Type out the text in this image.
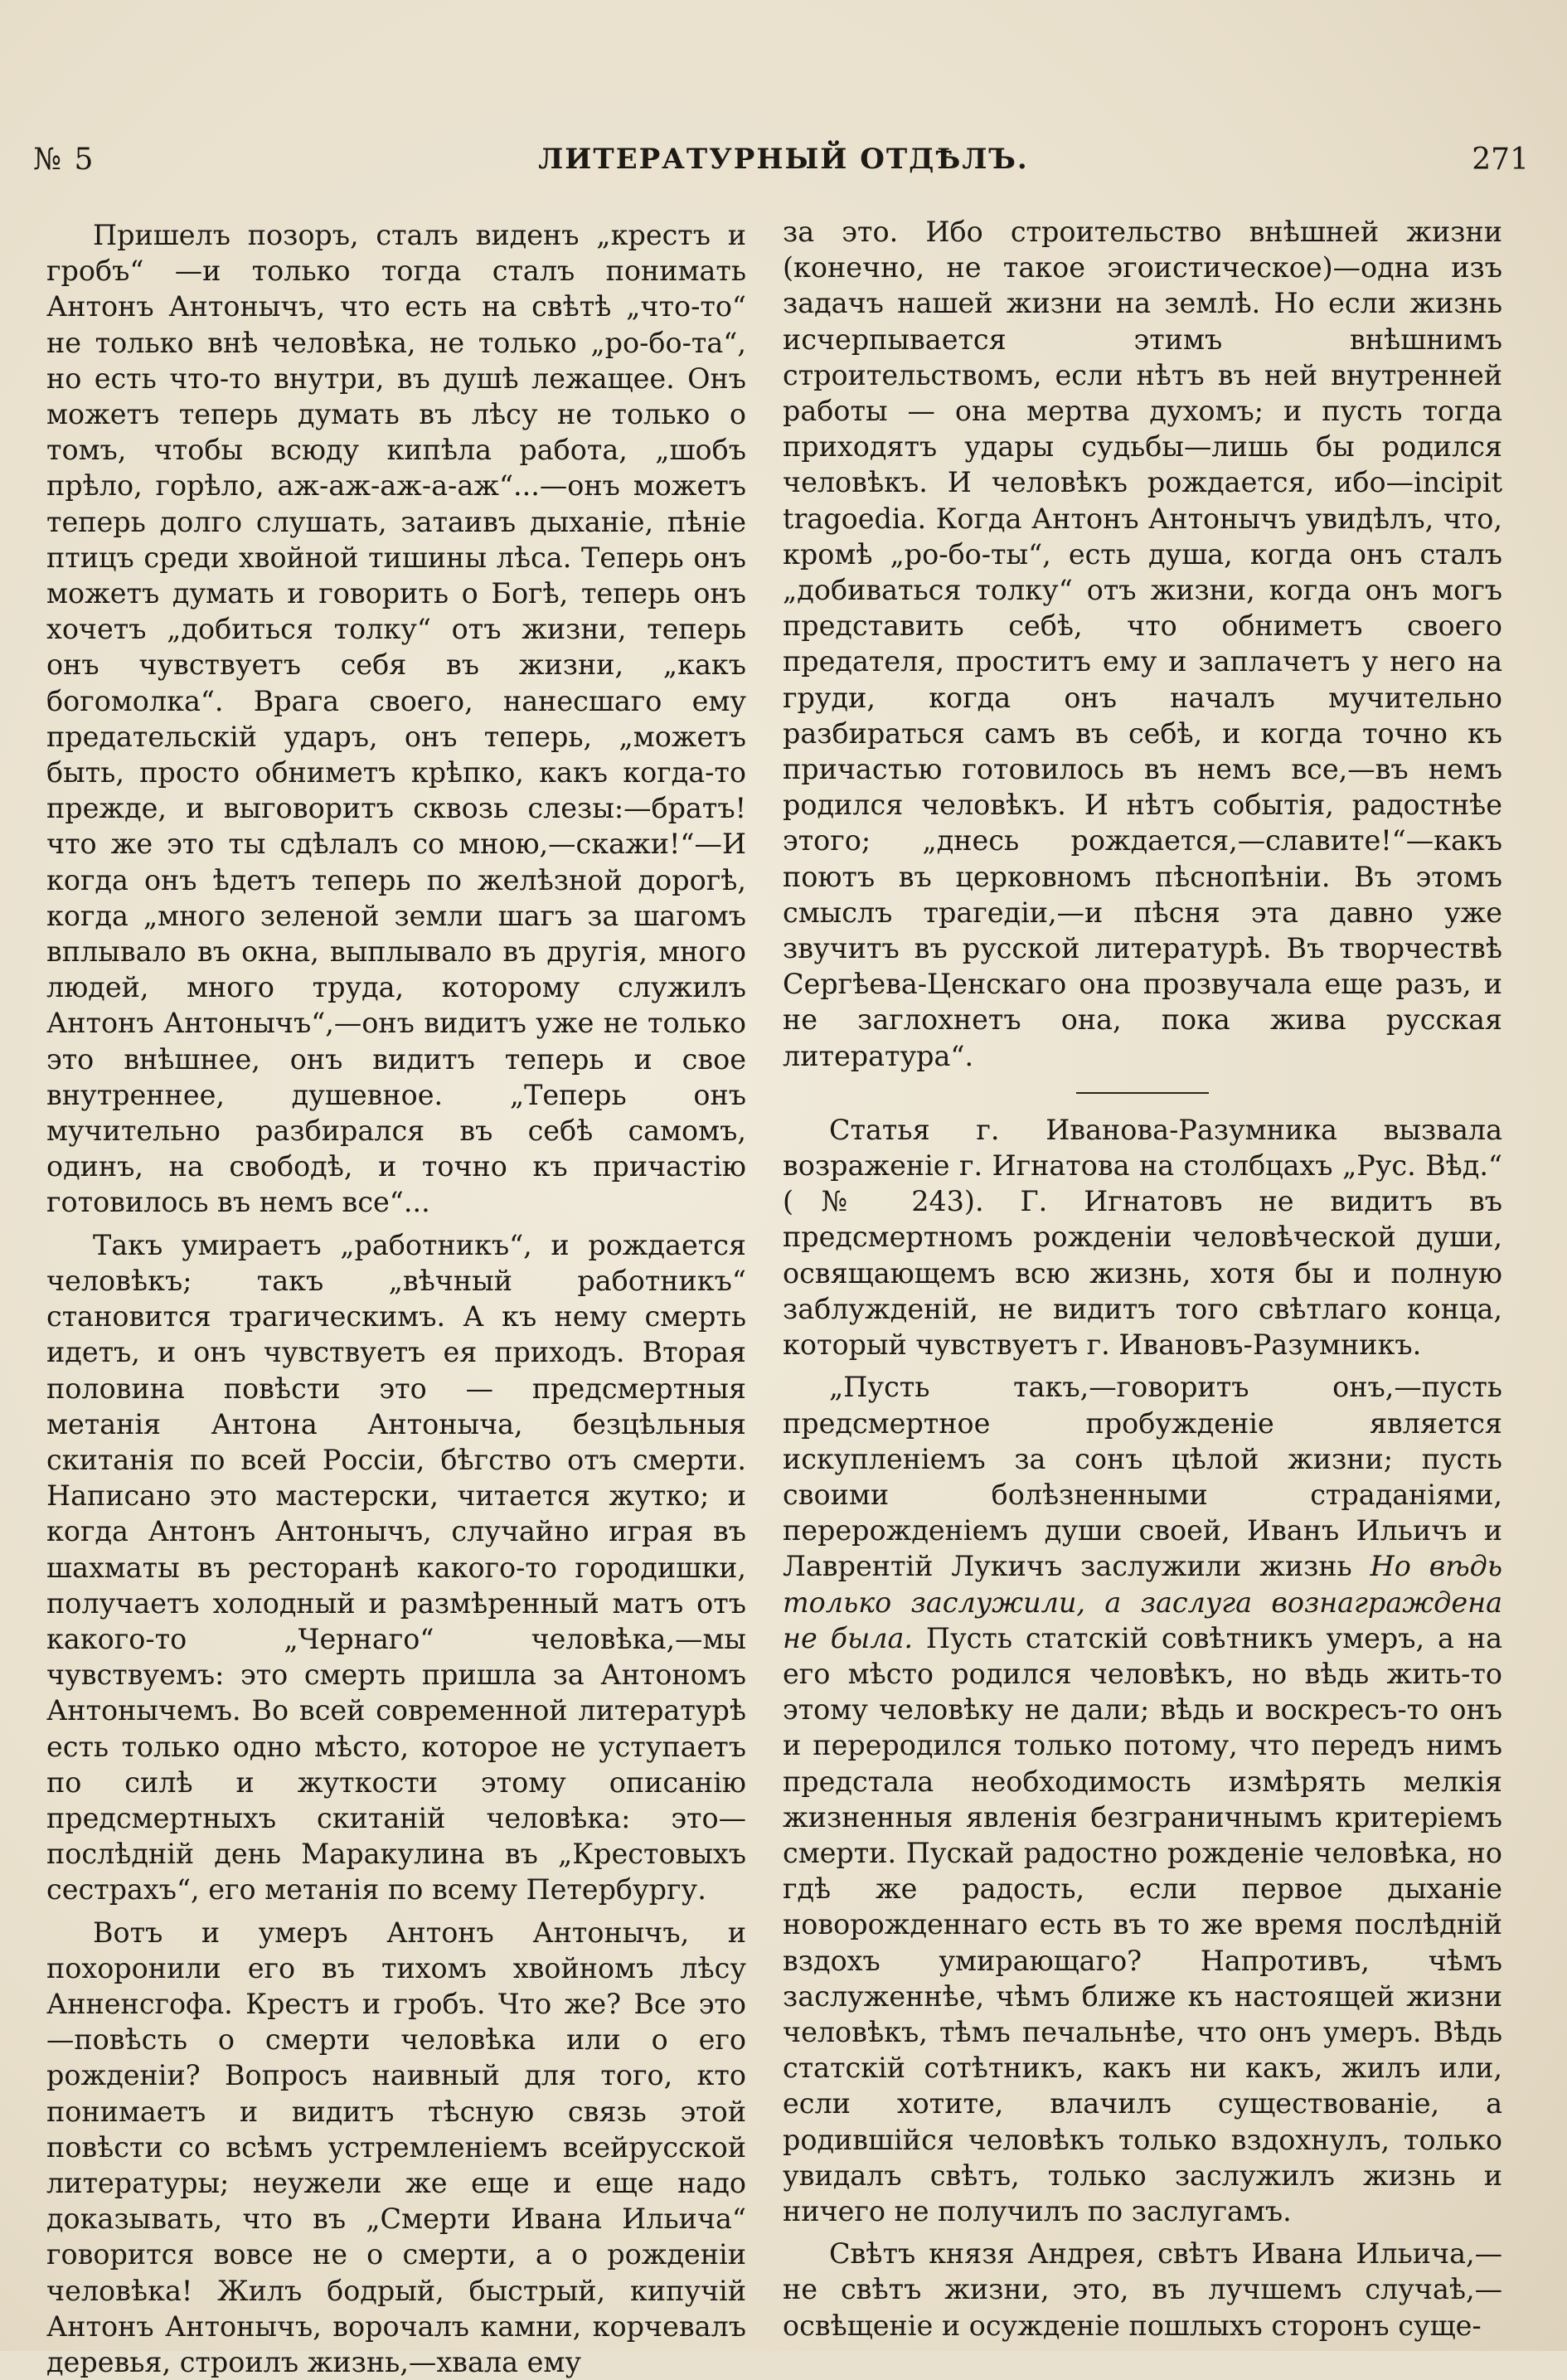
№ 5	ЛИТЕРАТУРНЫЙ ОТДѢЛЪ.	271

Пришелъ позоръ, сталъ виденъ „крестъ и гробъ“ —и только тогда сталъ понимать Антонъ Антонычъ, что есть на свѣтѣ „что-то“ не только внѣ человѣка, не только „ро-бо-та“, но есть что-то внутри, въ душѣ лежащее. Онъ можетъ теперь думать въ лѣсу не только о томъ, чтобы всюду кипѣла работа, „шобъ прѣло, горѣло, аж-аж-аж-а-аж“...—онъ можетъ теперь долго слушать, затаивъ дыханіе, пѣніе птицъ среди хвойной тишины лѣса. Теперь онъ можетъ думать и говорить о Богѣ, теперь онъ хочетъ „добиться толку“ отъ жизни, теперь онъ чувствуетъ себя въ жизни, „какъ богомолка“. Врага своего, нанесшаго ему предательскій ударъ, онъ теперь, „можетъ быть, просто обниметъ крѣпко, какъ когда-то прежде, и выговоритъ сквозь слезы:—братъ! что же это ты сдѣлалъ со мною,—скажи!“—И когда онъ ѣдетъ теперь по желѣзной дорогѣ, когда „много зеленой земли шагъ за шагомъ вплывало въ окна, выплывало въ другія, много людей, много труда, которому служилъ Антонъ Антонычъ“,—онъ видитъ уже не только это внѣшнее, онъ видитъ теперь и свое внутреннее, душевное. „Теперь онъ мучительно разбирался въ себѣ самомъ, одинъ, на свободѣ, и точно къ причастію готовилось въ немъ все“...

Такъ умираетъ „работникъ“, и рождается человѣкъ; такъ „вѣчный работникъ“ становится трагическимъ. А къ нему смерть идетъ, и онъ чувствуетъ ея приходъ. Вторая половина повѣсти это — предсмертныя метанія Антона Антоныча, безцѣльныя скитанія по всей Россіи, бѣгство отъ смерти. Написано это мастерски, читается жутко; и когда Антонъ Антонычъ, случайно играя въ шахматы въ ресторанѣ какого-то городишки, получаетъ холодный и размѣренный матъ отъ какого-то „Чернаго“ человѣка,—мы чувствуемъ: это смерть пришла за Антономъ Антонычемъ. Во всей современной литературѣ есть только одно мѣсто, которое не уступаетъ по силѣ и жуткости этому описанію предсмертныхъ скитаній человѣка: это—послѣдній день Маракулина въ „Крестовыхъ сестрахъ“, его метанія по всему Петербургу.

Вотъ и умеръ Антонъ Антонычъ, и похоронили его въ тихомъ хвойномъ лѣсу Анненсгофа. Крестъ и гробъ. Что же? Все это—повѣсть о смерти человѣка или о его рожденіи? Вопросъ наивный для того, кто понимаетъ и видитъ тѣсную связь этой повѣсти со всѣмъ устремленіемъ всейрусской литературы; неужели же еще и еще надо доказывать, что въ „Смерти Ивана Ильича“ говорится вовсе не о смерти, а о рожденіи человѣка! Жилъ бодрый, быстрый, кипучій Антонъ Антонычъ, ворочалъ камни, корчевалъ деревья, строилъ жизнь,—хвала ему

за это. Ибо строительство внѣшней жизни (конечно, не такое эгоистическое)—одна изъ задачъ нашей жизни на землѣ. Но если жизнь исчерпывается этимъ внѣшнимъ строительствомъ, если нѣтъ въ ней внутренней работы — она мертва духомъ; и пусть тогда приходятъ удары судьбы—лишь бы родился человѣкъ. И человѣкъ рождается, ибо—incipit tragoedia. Когда Антонъ Антонычъ увидѣлъ, что, кромѣ „ро-бо-ты“, есть душа, когда онъ сталъ „добиваться толку“ отъ жизни, когда онъ могъ представить себѣ, что обниметъ своего предателя, проститъ ему и заплачетъ у него на груди, когда онъ началъ мучительно разбираться самъ въ себѣ, и когда точно къ причастью готовилось въ немъ все,—въ немъ родился человѣкъ. И нѣтъ событія, радостнѣе этого; „днесь рождается,—славите!“—какъ поютъ въ церковномъ пѣснопѣніи. Въ этомъ смыслъ трагедіи,—и пѣсня эта давно уже звучитъ въ русской литературѣ. Въ творчествѣ Сергѣева-Ценскаго она прозвучала еще разъ, и не заглохнетъ она, пока жива русская литература“.

Статья г. Иванова-Разумника вызвала возраженіе г. Игнатова на столбцахъ „Рус. Вѣд.“ (№ 243). Г. Игнатовъ не видитъ въ предсмертномъ рожденіи человѣческой души, освящающемъ всю жизнь, хотя бы и полную заблужденій, не видитъ того свѣтлаго конца, который чувствуетъ г. Ивановъ-Разумникъ.

„Пусть такъ,—говоритъ онъ,—пусть предсмертное пробужденіе является искупленіемъ за сонъ цѣлой жизни; пусть своими болѣзненными страданіями, перерожденіемъ души своей, Иванъ Ильичъ и Лаврентій Лукичъ заслужили жизнь Но вѣдь только заслужили, а заслуга вознаграждена не была. Пусть статскій совѣтникъ умеръ, а на его мѣсто родился человѣкъ, но вѣдь жить-то этому человѣку не дали; вѣдь и воскресъ-то онъ и переродился только потому, что передъ нимъ предстала необходимость измѣрять мелкія жизненныя явленія безграничнымъ критеріемъ смерти. Пускай радостно рожденіе человѣка, но гдѣ же радость, если первое дыханіе новорожденнаго есть въ то же время послѣдній вздохъ умирающаго? Напротивъ, чѣмъ заслуженнѣе, чѣмъ ближе къ настоящей жизни человѣкъ, тѣмъ печальнѣе, что онъ умеръ. Вѣдь статскій сотѣтникъ, какъ ни какъ, жилъ или, если хотите, влачилъ существованіе, а родившійся человѣкъ только вздохнулъ, только увидалъ свѣтъ, только заслужилъ жизнь и ничего не получилъ по заслугамъ.

Свѣтъ князя Андрея, свѣтъ Ивана Ильича,—не свѣтъ жизни, это, въ лучшемъ случаѣ,—освѣщеніе и осужденіе пошлыхъ сторонъ суще-
